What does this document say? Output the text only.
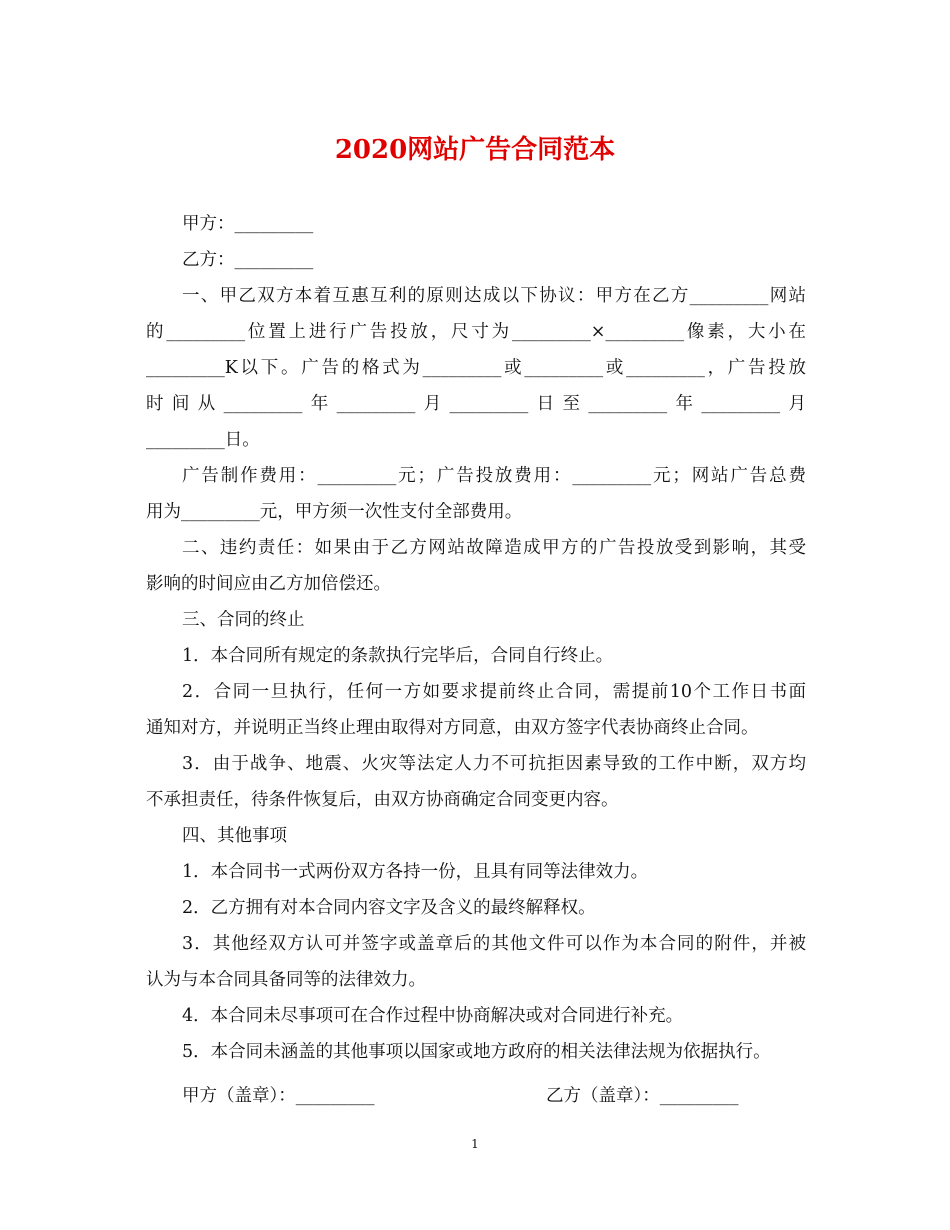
2020网站广告合同范本
甲方：_________
乙方：_________
一、甲乙双方本着互惠互利的原则达成以下协议：甲方在乙方_________网站
的_________位置上进行广告投放，尺寸为_________×_________像素，大小在
_________K以下。广告的格式为_________或_________或_________，广告投放
时间从_________年_________月_________日至_________年_________月
_________日。
广告制作费用：_________元；广告投放费用：_________元；网站广告总费
用为_________元，甲方须一次性支付全部费用。
二、违约责任：如果由于乙方网站故障造成甲方的广告投放受到影响，其受
影响的时间应由乙方加倍偿还。
三、合同的终止
1．本合同所有规定的条款执行完毕后，合同自行终止。
2．合同一旦执行，任何一方如要求提前终止合同，需提前10个工作日书面
通知对方，并说明正当终止理由取得对方同意，由双方签字代表协商终止合同。
3．由于战争、地震、火灾等法定人力不可抗拒因素导致的工作中断，双方均
不承担责任，待条件恢复后，由双方协商确定合同变更内容。
四、其他事项
1．本合同书一式两份双方各持一份，且具有同等法律效力。
2．乙方拥有对本合同内容文字及含义的最终解释权。
3．其他经双方认可并签字或盖章后的其他文件可以作为本合同的附件，并被
认为与本合同具备同等的法律效力。
4．本合同未尽事项可在合作过程中协商解决或对合同进行补充。
5．本合同未涵盖的其他事项以国家或地方政府的相关法律法规为依据执行。
甲方（盖章）：_________	乙方（盖章）：_________
1
